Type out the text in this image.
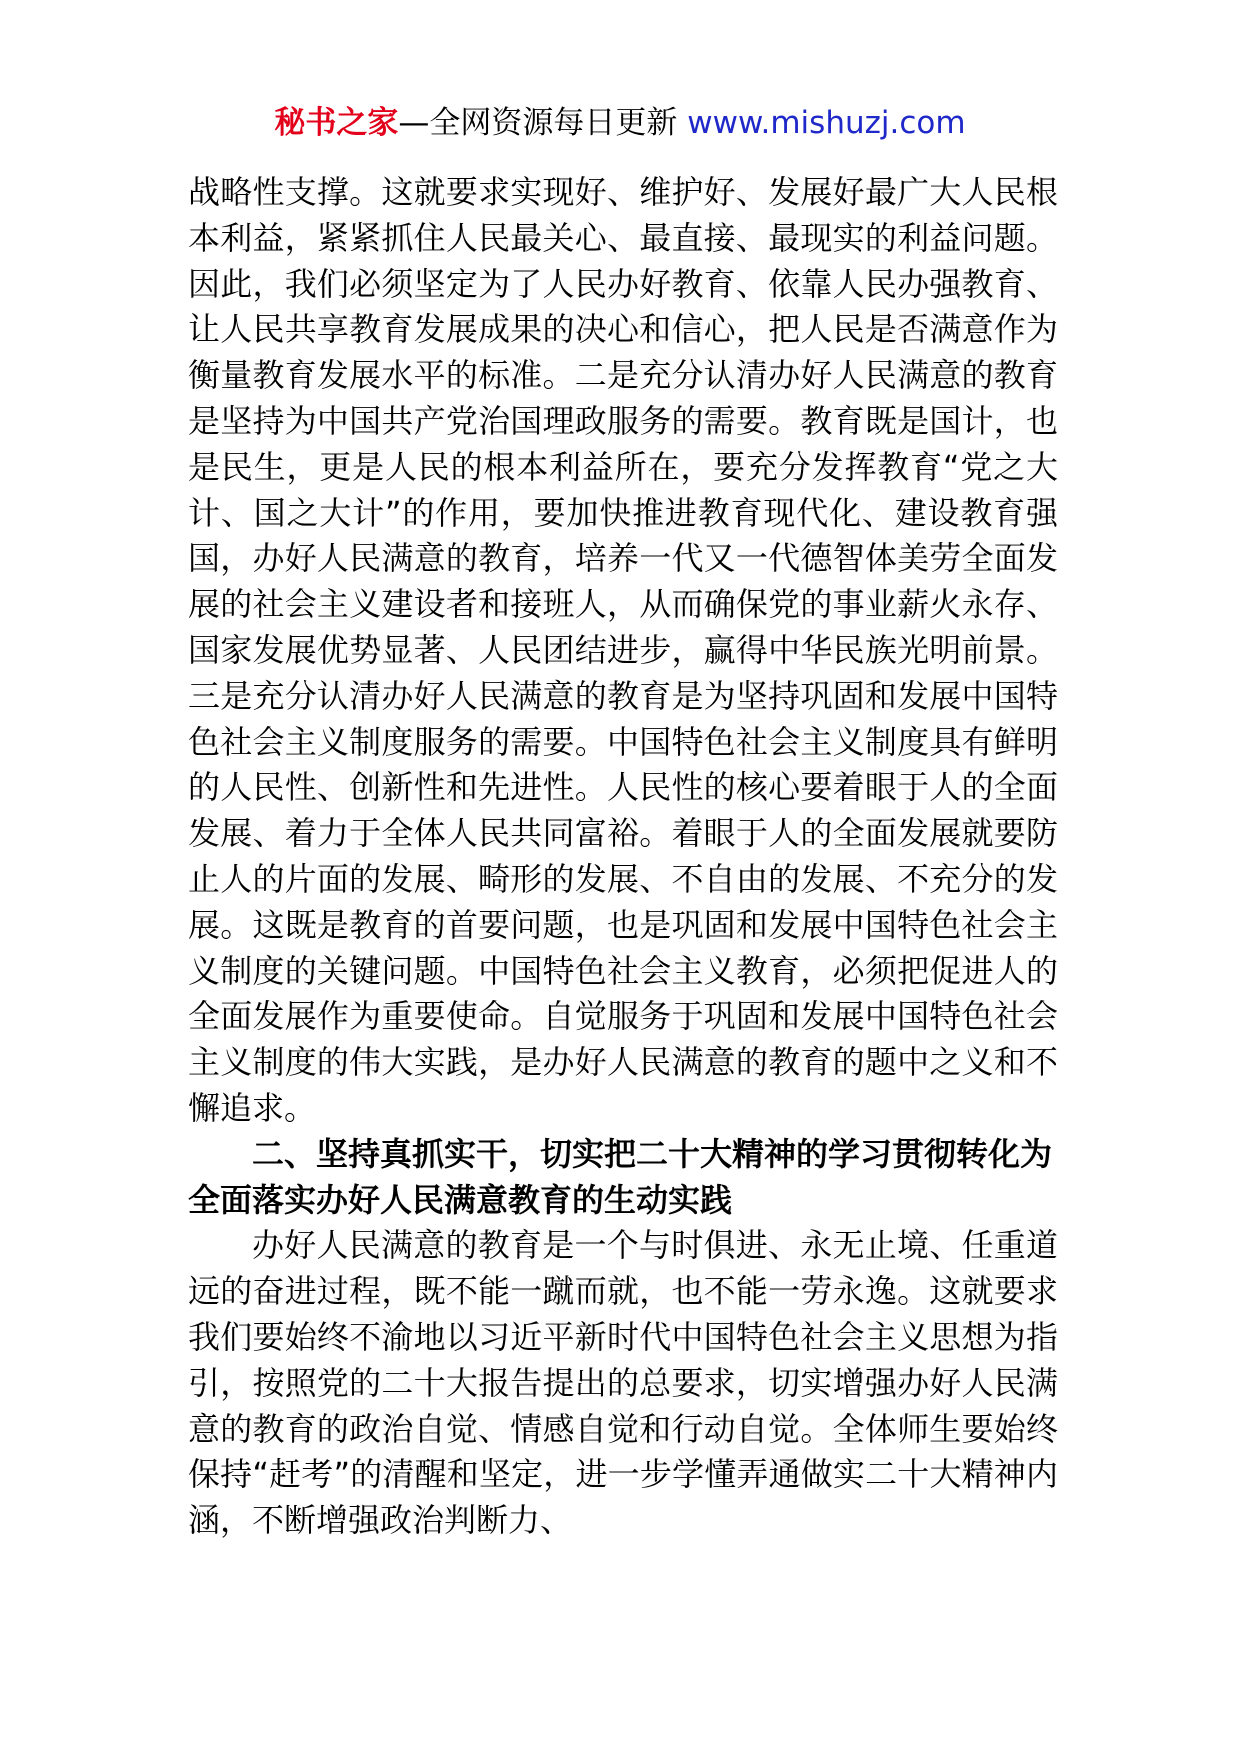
秘书之家—全网资源每日更新 www.mishuzj.com

战略性支撑。这就要求实现好、维护好、发展好最广大人民根本利益，紧紧抓住人民最关心、最直接、最现实的利益问题。因此，我们必须坚定为了人民办好教育、依靠人民办强教育、让人民共享教育发展成果的决心和信心，把人民是否满意作为衡量教育发展水平的标准。二是充分认清办好人民满意的教育是坚持为中国共产党治国理政服务的需要。教育既是国计，也是民生，更是人民的根本利益所在，要充分发挥教育“党之大计、国之大计”的作用，要加快推进教育现代化、建设教育强国，办好人民满意的教育，培养一代又一代德智体美劳全面发展的社会主义建设者和接班人，从而确保党的事业薪火永存、国家发展优势显著、人民团结进步，赢得中华民族光明前景。三是充分认清办好人民满意的教育是为坚持巩固和发展中国特色社会主义制度服务的需要。中国特色社会主义制度具有鲜明的人民性、创新性和先进性。人民性的核心要着眼于人的全面发展、着力于全体人民共同富裕。着眼于人的全面发展就要防止人的片面的发展、畸形的发展、不自由的发展、不充分的发展。这既是教育的首要问题，也是巩固和发展中国特色社会主义制度的关键问题。中国特色社会主义教育，必须把促进人的全面发展作为重要使命。自觉服务于巩固和发展中国特色社会主义制度的伟大实践，是办好人民满意的教育的题中之义和不懈追求。

二、坚持真抓实干，切实把二十大精神的学习贯彻转化为全面落实办好人民满意教育的生动实践

办好人民满意的教育是一个与时俱进、永无止境、任重道远的奋进过程，既不能一蹴而就，也不能一劳永逸。这就要求我们要始终不渝地以习近平新时代中国特色社会主义思想为指引，按照党的二十大报告提出的总要求，切实增强办好人民满意的教育的政治自觉、情感自觉和行动自觉。全体师生要始终保持“赶考”的清醒和坚定，进一步学懂弄通做实二十大精神内涵，不断增强政治判断力、
